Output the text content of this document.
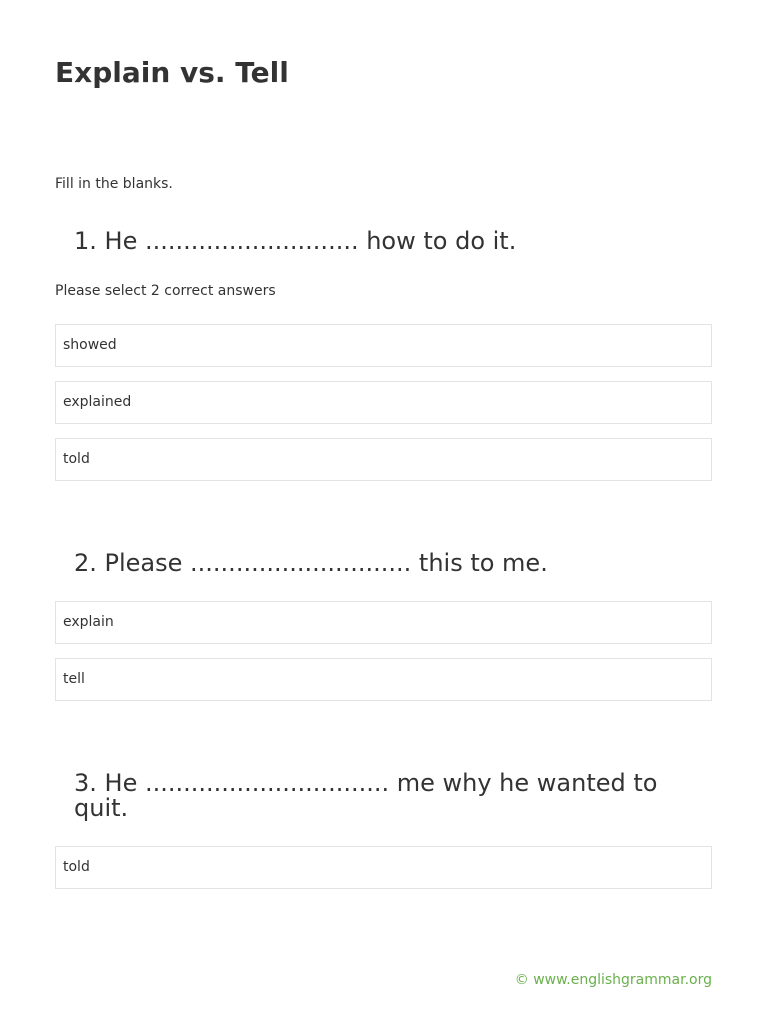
Explain vs. Tell
Fill in the blanks.
1. He ............................ how to do it.
Please select 2 correct answers
showed
explained
told
2. Please ............................. this to me.
explain
tell
3. He ................................ me why he wanted to quit.
told
© www.englishgrammar.org
